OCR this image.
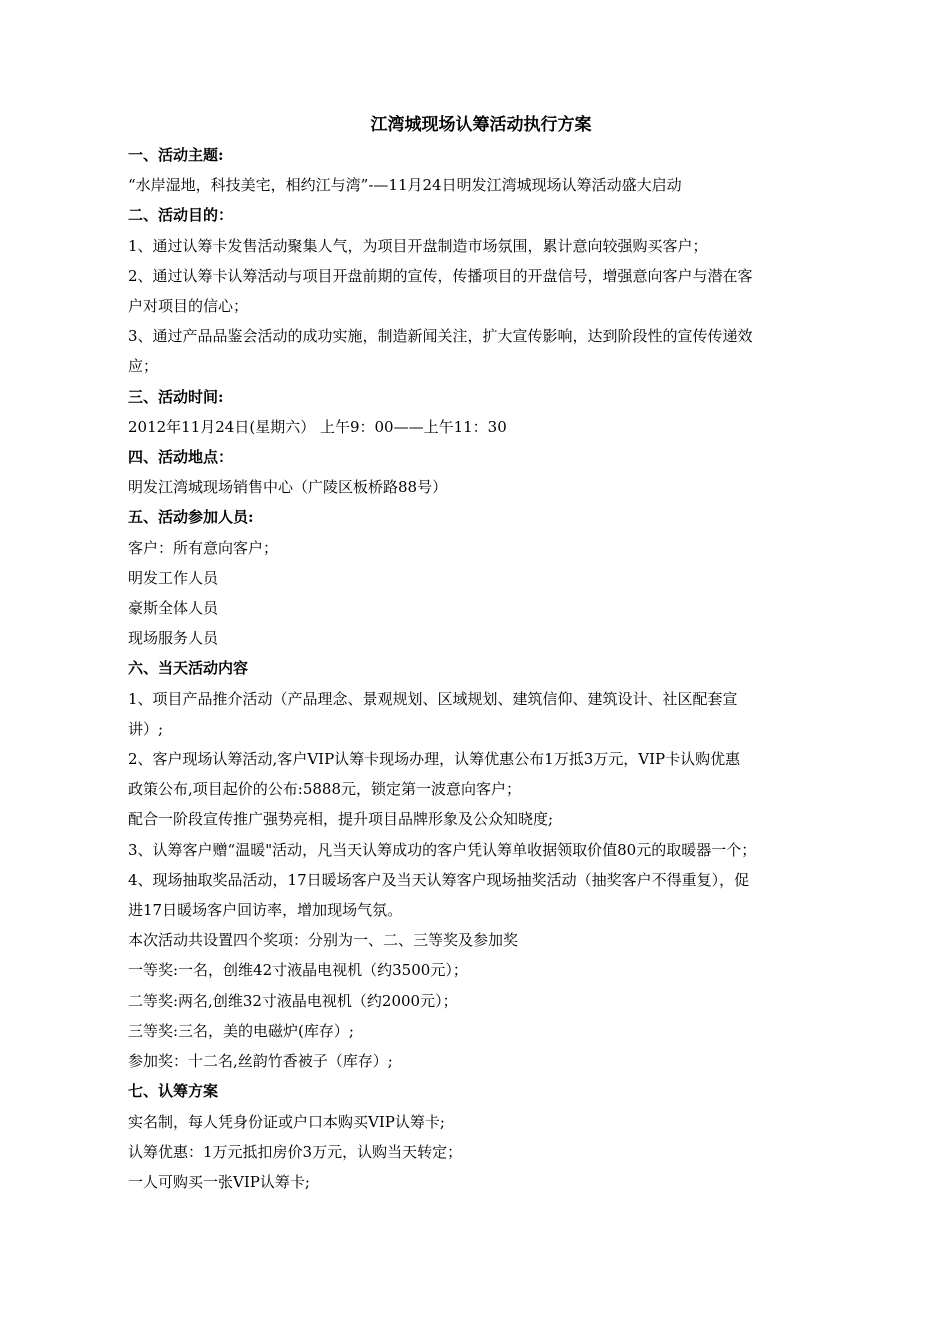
江湾城现场认筹活动执行方案

一、活动主题:

“水岸湿地，科技美宅，相约江与湾”-—11月24日明发江湾城现场认筹活动盛大启动

二、活动目的：

1、通过认筹卡发售活动聚集人气，为项目开盘制造市场氛围，累计意向较强购买客户；

2、通过认筹卡认筹活动与项目开盘前期的宣传，传播项目的开盘信号，增强意向客户与潜在客

户对项目的信心；

3、通过产品品鉴会活动的成功实施，制造新闻关注，扩大宣传影响，达到阶段性的宣传传递效

应；

三、活动时间:

2012年11月24日(星期六） 上午9：00——上午11：30

四、活动地点：

明发江湾城现场销售中心（广陵区板桥路88号）

五、活动参加人员:

客户：所有意向客户；

明发工作人员

豪斯全体人员

现场服务人员

六、当天活动内容

1、项目产品推介活动（产品理念、景观规划、区域规划、建筑信仰、建筑设计、社区配套宣

讲）;

2、客户现场认筹活动,客户VIP认筹卡现场办理，认筹优惠公布1万抵3万元，VIP卡认购优惠

政策公布,项目起价的公布:5888元，锁定第一波意向客户；

配合一阶段宣传推广强势亮相，提升项目品牌形象及公众知晓度;

3、认筹客户赠“温暖"活动，凡当天认筹成功的客户凭认筹单收据领取价值80元的取暖器一个；

4、现场抽取奖品活动，17日暖场客户及当天认筹客户现场抽奖活动（抽奖客户不得重复），促

进17日暖场客户回访率，增加现场气氛。

本次活动共设置四个奖项：分别为一、二、三等奖及参加奖

一等奖:一名，创维42寸液晶电视机（约3500元）；

二等奖:两名,创维32寸液晶电视机（约2000元）；

三等奖:三名，美的电磁炉(库存）;

参加奖：十二名,丝韵竹香被子（库存）;

七、认筹方案

实名制，每人凭身份证或户口本购买VIP认筹卡;

认筹优惠：1万元抵扣房价3万元，认购当天转定；

一人可购买一张VIP认筹卡;
